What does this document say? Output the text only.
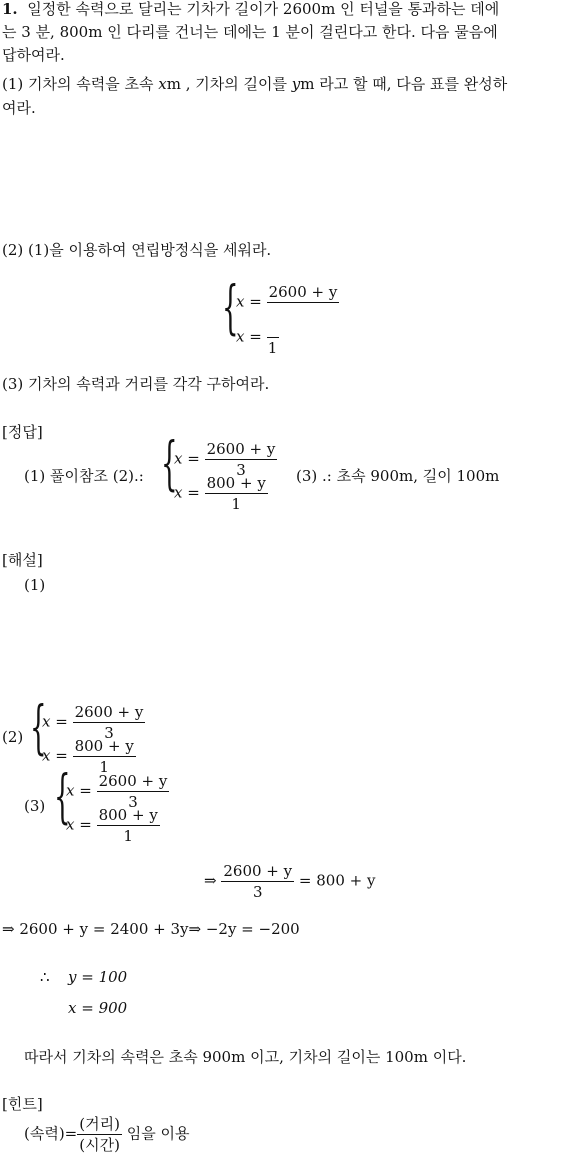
1. 일정한 속력으로 달리는 기차가 길이가 2600m 인 터널을 통과하는 데에
는 3 분, 800m 인 다리를 건너는 데에는 1 분이 걸린다고 한다. 다음 물음에
답하여라.
(1) 기차의 속력을 초속 xm , 기차의 길이를 ym 라고 할 때, 다음 표를 완성하
여라.
(2) (1)을 이용하여 연립방정식을 세워라.
{
x =
2600 + y
x =
1
(3) 기차의 속력과 거리를 각각 구하여라.
[정답]
(1) 풀이참조 (2).: {
$x = \frac{2600 + y}{3}$
$x = \frac{800 + y}{1} (3)$ .: 초속 900m, 길이 100m
[해설]
(1)
(2) {
$x = \frac{2600 + y}{3}$
$x = \frac{800 + y}{1}$
(3) {
$x = \frac{2600 + y}{3}$
$x = \frac{800 + y}{1}$
⇒ $\frac{2600 + y}{3} = 800 + y$
⇒ 2600 + y = 2400 + 3y⇒ −2y = −200
∴ y = 100
x = 900
따라서 기차의 속력은 초속 900m 이고, 기차의 길이는 100m 이다.
[힌트]
(속력)= $\frac{\text{(거리)}}{\text{(시간)}}$ 임을 이용
